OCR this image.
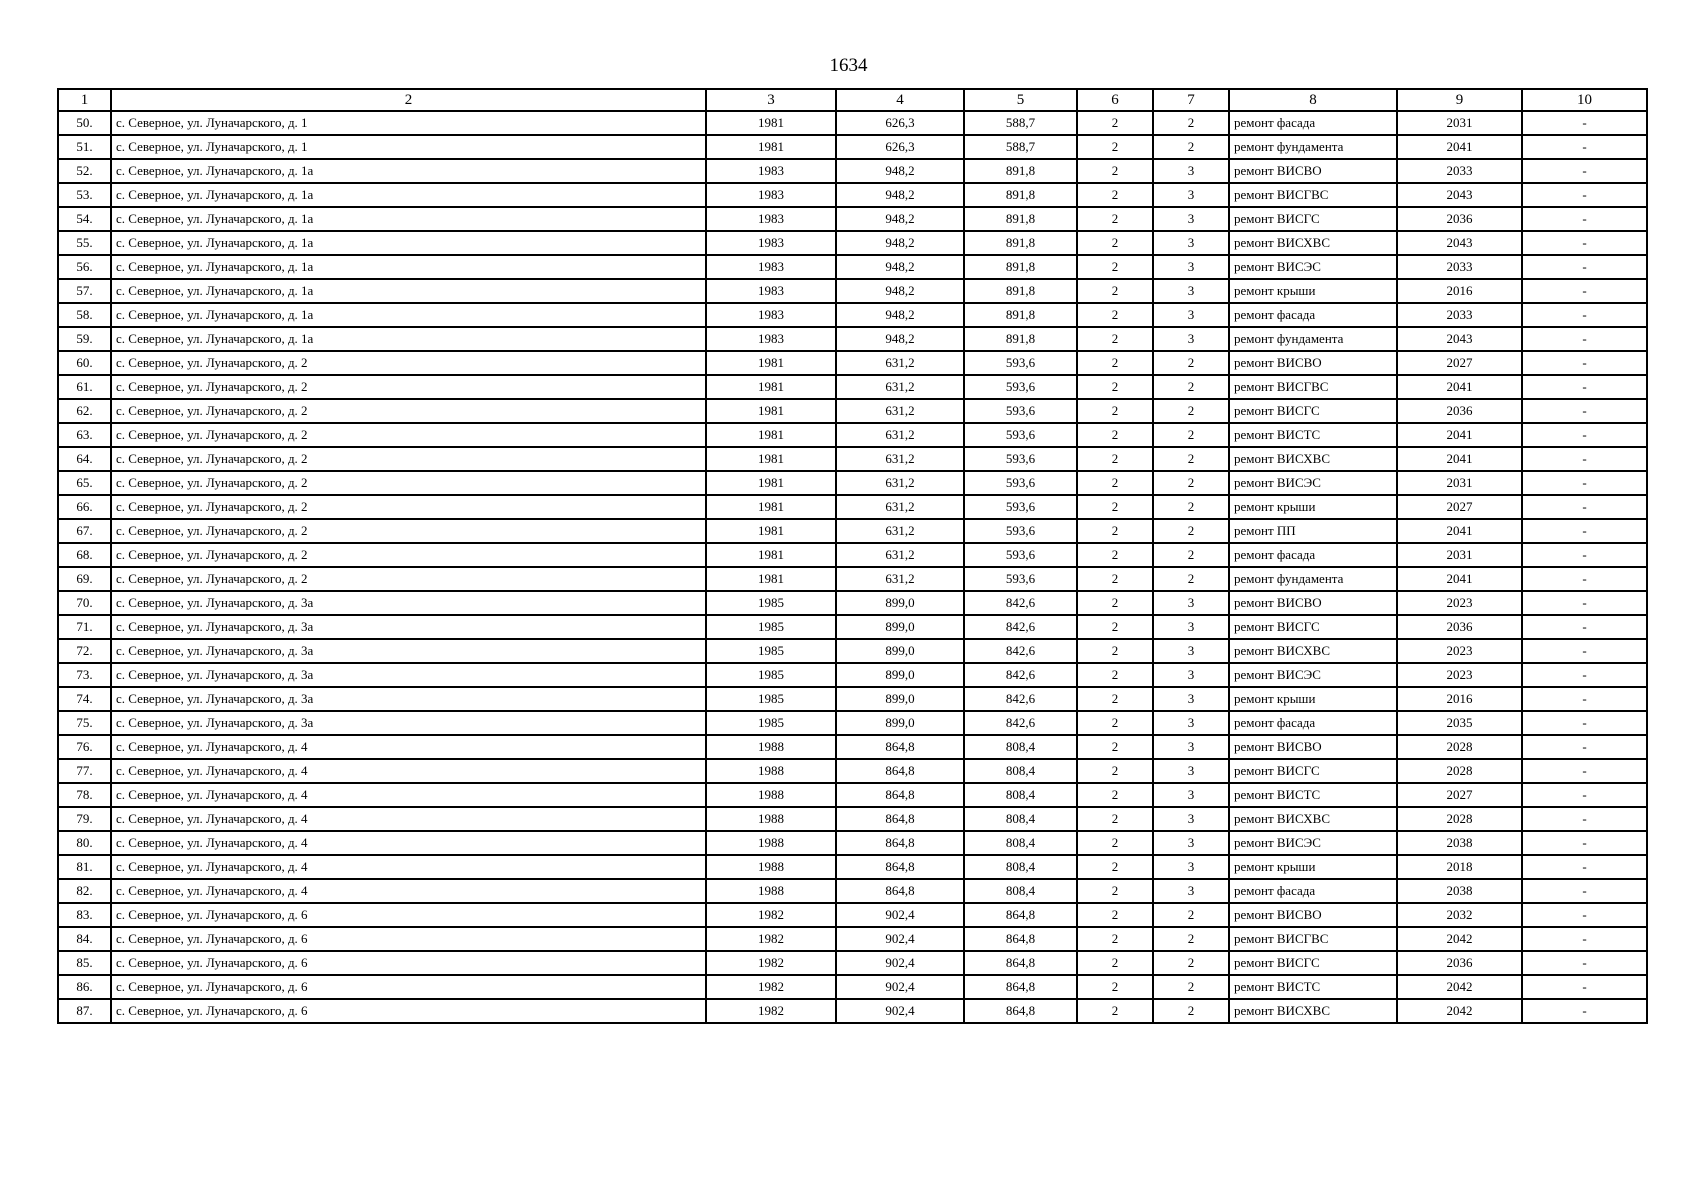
1634
1	2	3	4	5	6	7	8	9	10
50.	с. Северное, ул. Луначарского, д. 1	1981	626,3	588,7	2	2	ремонт фасада	2031	-
51.	с. Северное, ул. Луначарского, д. 1	1981	626,3	588,7	2	2	ремонт фундамента	2041	-
52.	с. Северное, ул. Луначарского, д. 1а	1983	948,2	891,8	2	3	ремонт ВИСВО	2033	-
53.	с. Северное, ул. Луначарского, д. 1а	1983	948,2	891,8	2	3	ремонт ВИСГВС	2043	-
54.	с. Северное, ул. Луначарского, д. 1а	1983	948,2	891,8	2	3	ремонт ВИСГС	2036	-
55.	с. Северное, ул. Луначарского, д. 1а	1983	948,2	891,8	2	3	ремонт ВИСХВС	2043	-
56.	с. Северное, ул. Луначарского, д. 1а	1983	948,2	891,8	2	3	ремонт ВИСЭС	2033	-
57.	с. Северное, ул. Луначарского, д. 1а	1983	948,2	891,8	2	3	ремонт крыши	2016	-
58.	с. Северное, ул. Луначарского, д. 1а	1983	948,2	891,8	2	3	ремонт фасада	2033	-
59.	с. Северное, ул. Луначарского, д. 1а	1983	948,2	891,8	2	3	ремонт фундамента	2043	-
60.	с. Северное, ул. Луначарского, д. 2	1981	631,2	593,6	2	2	ремонт ВИСВО	2027	-
61.	с. Северное, ул. Луначарского, д. 2	1981	631,2	593,6	2	2	ремонт ВИСГВС	2041	-
62.	с. Северное, ул. Луначарского, д. 2	1981	631,2	593,6	2	2	ремонт ВИСГС	2036	-
63.	с. Северное, ул. Луначарского, д. 2	1981	631,2	593,6	2	2	ремонт ВИСТС	2041	-
64.	с. Северное, ул. Луначарского, д. 2	1981	631,2	593,6	2	2	ремонт ВИСХВС	2041	-
65.	с. Северное, ул. Луначарского, д. 2	1981	631,2	593,6	2	2	ремонт ВИСЭС	2031	-
66.	с. Северное, ул. Луначарского, д. 2	1981	631,2	593,6	2	2	ремонт крыши	2027	-
67.	с. Северное, ул. Луначарского, д. 2	1981	631,2	593,6	2	2	ремонт ПП	2041	-
68.	с. Северное, ул. Луначарского, д. 2	1981	631,2	593,6	2	2	ремонт фасада	2031	-
69.	с. Северное, ул. Луначарского, д. 2	1981	631,2	593,6	2	2	ремонт фундамента	2041	-
70.	с. Северное, ул. Луначарского, д. 3а	1985	899,0	842,6	2	3	ремонт ВИСВО	2023	-
71.	с. Северное, ул. Луначарского, д. 3а	1985	899,0	842,6	2	3	ремонт ВИСГС	2036	-
72.	с. Северное, ул. Луначарского, д. 3а	1985	899,0	842,6	2	3	ремонт ВИСХВС	2023	-
73.	с. Северное, ул. Луначарского, д. 3а	1985	899,0	842,6	2	3	ремонт ВИСЭС	2023	-
74.	с. Северное, ул. Луначарского, д. 3а	1985	899,0	842,6	2	3	ремонт крыши	2016	-
75.	с. Северное, ул. Луначарского, д. 3а	1985	899,0	842,6	2	3	ремонт фасада	2035	-
76.	с. Северное, ул. Луначарского, д. 4	1988	864,8	808,4	2	3	ремонт ВИСВО	2028	-
77.	с. Северное, ул. Луначарского, д. 4	1988	864,8	808,4	2	3	ремонт ВИСГС	2028	-
78.	с. Северное, ул. Луначарского, д. 4	1988	864,8	808,4	2	3	ремонт ВИСТС	2027	-
79.	с. Северное, ул. Луначарского, д. 4	1988	864,8	808,4	2	3	ремонт ВИСХВС	2028	-
80.	с. Северное, ул. Луначарского, д. 4	1988	864,8	808,4	2	3	ремонт ВИСЭС	2038	-
81.	с. Северное, ул. Луначарского, д. 4	1988	864,8	808,4	2	3	ремонт крыши	2018	-
82.	с. Северное, ул. Луначарского, д. 4	1988	864,8	808,4	2	3	ремонт фасада	2038	-
83.	с. Северное, ул. Луначарского, д. 6	1982	902,4	864,8	2	2	ремонт ВИСВО	2032	-
84.	с. Северное, ул. Луначарского, д. 6	1982	902,4	864,8	2	2	ремонт ВИСГВС	2042	-
85.	с. Северное, ул. Луначарского, д. 6	1982	902,4	864,8	2	2	ремонт ВИСГС	2036	-
86.	с. Северное, ул. Луначарского, д. 6	1982	902,4	864,8	2	2	ремонт ВИСТС	2042	-
87.	с. Северное, ул. Луначарского, д. 6	1982	902,4	864,8	2	2	ремонт ВИСХВС	2042	-
